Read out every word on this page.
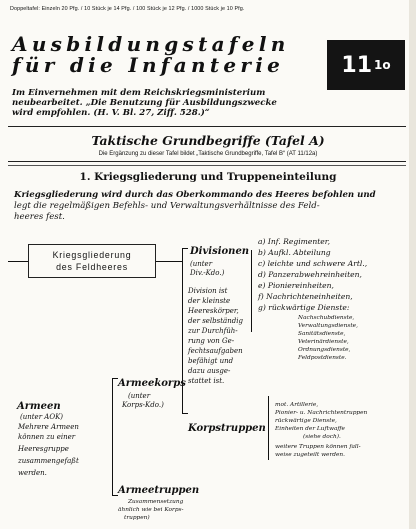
Doppeltafel: Einzeln 20 Pfg. / 10 Stück je 14 Pfg. / 100 Stück je 12 Pfg. / 1000 Stück je 10 Pfg.
Ausbildungstafeln
für die Infanterie	11 1o
Im Einvernehmen mit dem Reichskriegsministerium
neubearbeitet. „Die Benutzung für Ausbildungszwecke
wird empfohlen. (H. V. Bl. 27, Ziff. 528.)“
Taktische Grundbegriffe (Tafel A)
Die Ergänzung zu dieser Tafel bildet „Taktische Grundbegriffe, Tafel B“ (AT 11/12a)
1. Kriegsgliederung und Truppeneinteilung
Kriegsgliederung wird durch das Oberkommando des Heeres befohlen und
legt die regelmäßigen Befehls- und Verwaltungsverhältnisse des Feld-
heeres fest.
Kriegsgliederung
des Feldheeres
Divisionen
(unter
Div.-Kdo.)
Division ist
der kleinste
Heereskörper,
der selbständig
zur Durchfüh-
rung von Ge-
fechtsaufgaben
befähigt und
dazu ausge-
stattet ist.
a) Inf. Regimenter,
b) Aufkl. Abteilung
c) leichte und schwere Artl.,
d) Panzerabwehreinheiten,
e) Pioniereinheiten,
f) Nachrichteneinheiten,
g) rückwärtige Dienste:
Nachschubdienste,
Verwaltungsdienste,
Sanitätsdienste,
Veterinärdienste,
Ordnungsdienste,
Feldpostdienste.
Armeekorps
(unter
Korps-Kdo.)
Armeen
(unter AOK)
Mehrere Armeen
können zu einer
Heeresgruppe
zusammengefaßt
werden.
Korpstruppen
mot. Artillerie,
Pionier- u. Nachrichtentruppen
rückwärtige Dienste,
Einheiten der Luftwaffe
(siehe doch).
weitere Truppen können fall-
weise zugeteilt werden.
Armeetruppen
Zusammensetzung
ähnlich wie bei Korps-
truppen)
